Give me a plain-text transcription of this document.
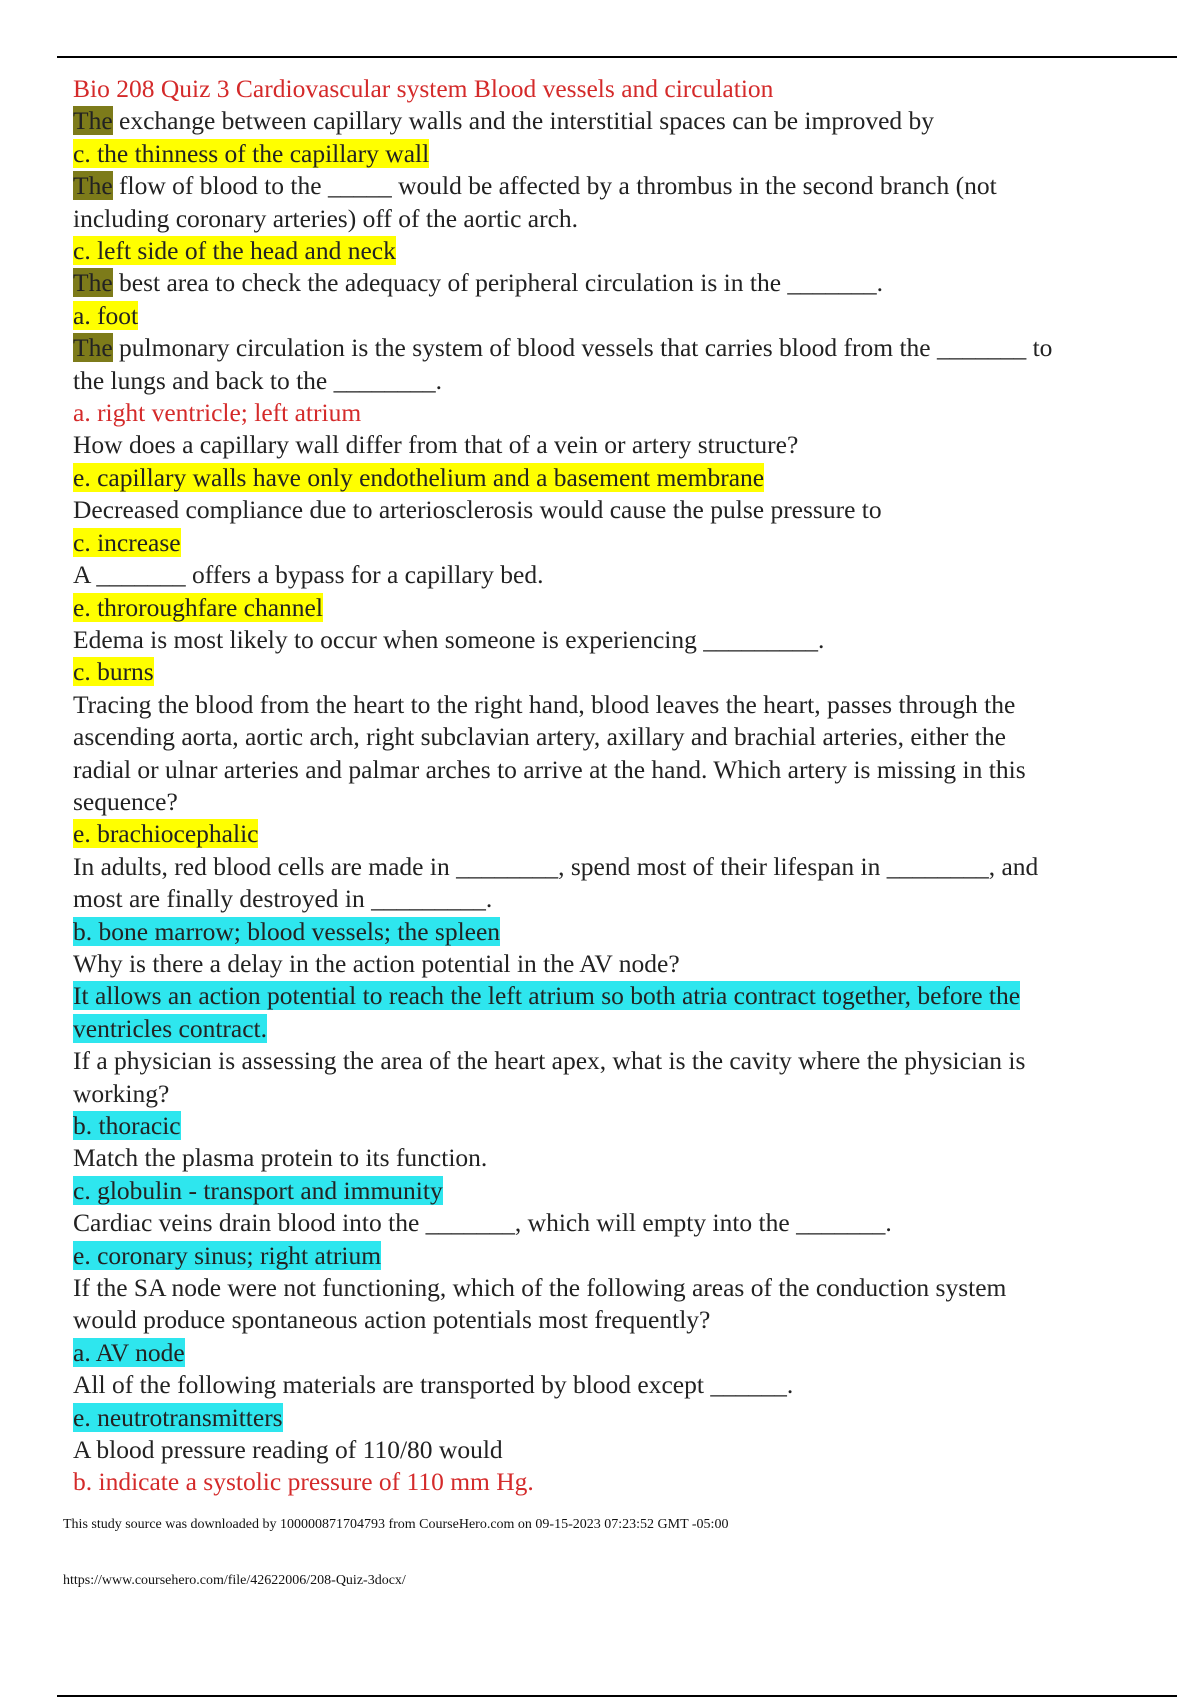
Bio 208 Quiz 3 Cardiovascular system Blood vessels and circulation

The exchange between capillary walls and the interstitial spaces can be improved by

c. the thinness of the capillary wall

The flow of blood to the _____ would be affected by a thrombus in the second branch (not

including coronary arteries) off of the aortic arch.

c. left side of the head and neck

The best area to check the adequacy of peripheral circulation is in the _______.

a. foot

The pulmonary circulation is the system of blood vessels that carries blood from the _______ to

the lungs and back to the ________.

a. right ventricle; left atrium

How does a capillary wall differ from that of a vein or artery structure?

e. capillary walls have only endothelium and a basement membrane

Decreased compliance due to arteriosclerosis would cause the pulse pressure to

c. increase

A _______ offers a bypass for a capillary bed.

e. throroughfare channel

Edema is most likely to occur when someone is experiencing _________.

c. burns

Tracing the blood from the heart to the right hand, blood leaves the heart, passes through the

ascending aorta, aortic arch, right subclavian artery, axillary and brachial arteries, either the

radial or ulnar arteries and palmar arches to arrive at the hand. Which artery is missing in this

sequence?

e. brachiocephalic

In adults, red blood cells are made in ________, spend most of their lifespan in ________, and

most are finally destroyed in _________.

b. bone marrow; blood vessels; the spleen

Why is there a delay in the action potential in the AV node?

It allows an action potential to reach the left atrium so both atria contract together, before the

ventricles contract.

If a physician is assessing the area of the heart apex, what is the cavity where the physician is

working?

b. thoracic

Match the plasma protein to its function.

c. globulin - transport and immunity

Cardiac veins drain blood into the _______, which will empty into the _______.

e. coronary sinus; right atrium

If the SA node were not functioning, which of the following areas of the conduction system

would produce spontaneous action potentials most frequently?

a. AV node

All of the following materials are transported by blood except ______.

e. neutrotransmitters

A blood pressure reading of 110/80 would

b. indicate a systolic pressure of 110 mm Hg.

This study source was downloaded by 100000871704793 from CourseHero.com on 09-15-2023 07:23:52 GMT -05:00
https://www.coursehero.com/file/42622006/208-Quiz-3docx/
